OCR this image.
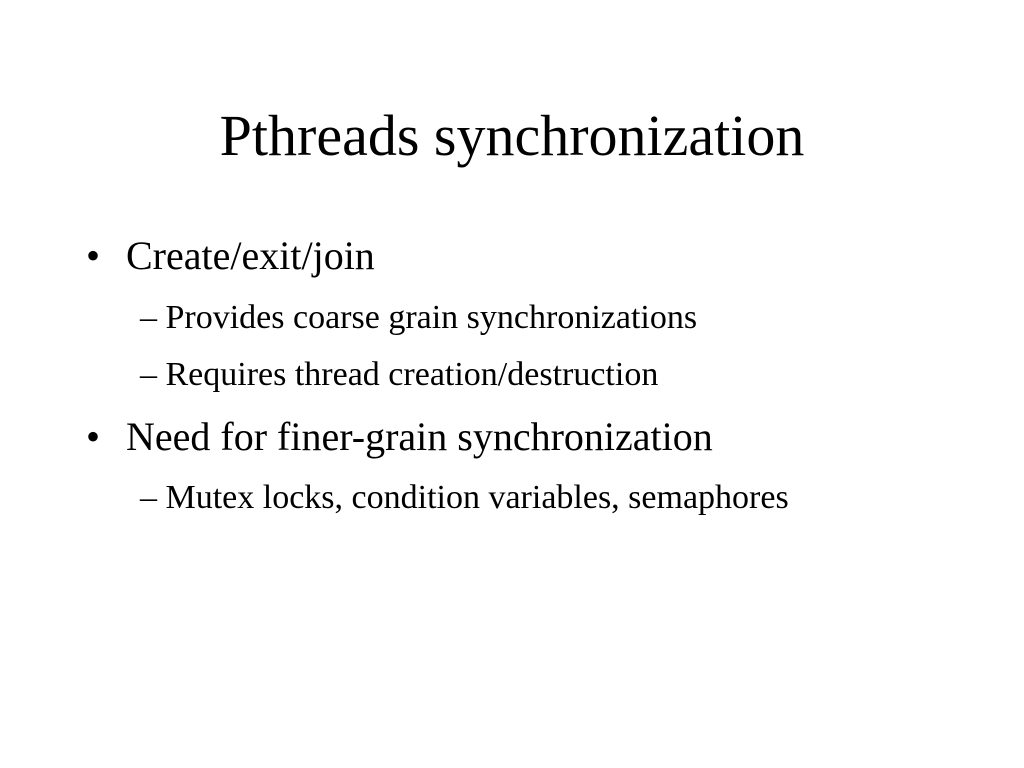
Pthreads synchronization
• Create/exit/join
– Provides coarse grain synchronizations
– Requires thread creation/destruction
• Need for finer-grain synchronization
– Mutex locks, condition variables, semaphores
